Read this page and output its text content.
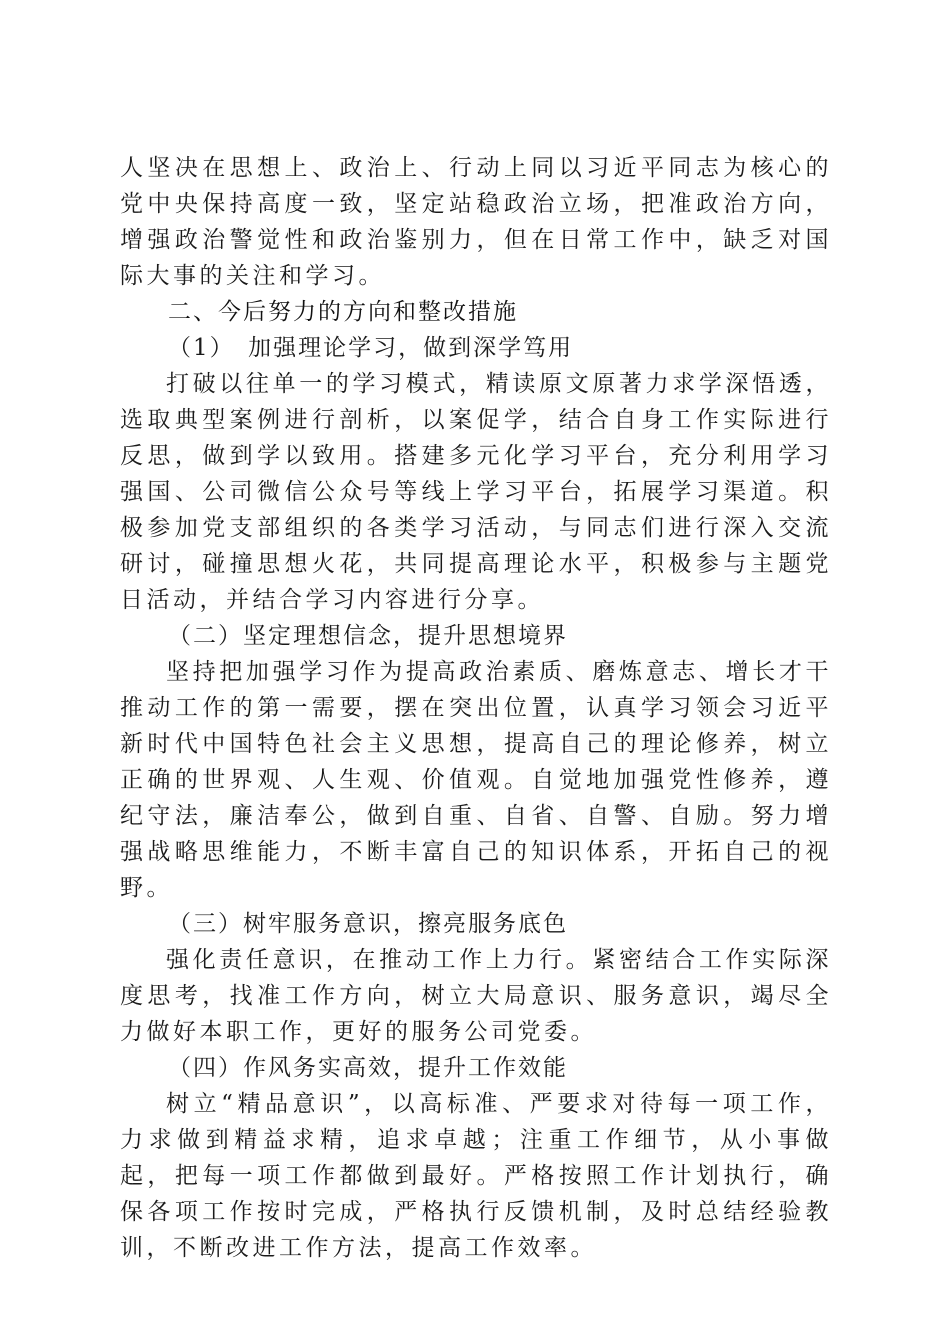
人坚决在思想上、政治上、行动上同以习近平同志为核心的党中央保持高度一致，坚定站稳政治立场，把准政治方向，增强政治警觉性和政治鉴别力，但在日常工作中，缺乏对国际大事的关注和学习。

二、今后努力的方向和整改措施

（1）　加强理论学习，做到深学笃用

打破以往单一的学习模式，精读原文原著力求学深悟透，选取典型案例进行剖析，以案促学，结合自身工作实际进行反思，做到学以致用。搭建多元化学习平台，充分利用学习强国、公司微信公众号等线上学习平台，拓展学习渠道。积极参加党支部组织的各类学习活动，与同志们进行深入交流研讨，碰撞思想火花，共同提高理论水平，积极参与主题党日活动，并结合学习内容进行分享。

（二）坚定理想信念，提升思想境界

坚持把加强学习作为提高政治素质、磨炼意志、增长才干推动工作的第一需要，摆在突出位置，认真学习领会习近平新时代中国特色社会主义思想，提高自己的理论修养，树立正确的世界观、人生观、价值观。自觉地加强党性修养，遵纪守法，廉洁奉公，做到自重、自省、自警、自励。努力增强战略思维能力，不断丰富自己的知识体系，开拓自己的视野。

（三）树牢服务意识，擦亮服务底色

强化责任意识，在推动工作上力行。紧密结合工作实际深度思考，找准工作方向，树立大局意识、服务意识，竭尽全力做好本职工作，更好的服务公司党委。

（四）作风务实高效，提升工作效能

树立“精品意识”，以高标准、严要求对待每一项工作，力求做到精益求精，追求卓越；注重工作细节，从小事做起，把每一项工作都做到最好。严格按照工作计划执行，确保各项工作按时完成，严格执行反馈机制，及时总结经验教训，不断改进工作方法，提高工作效率。
